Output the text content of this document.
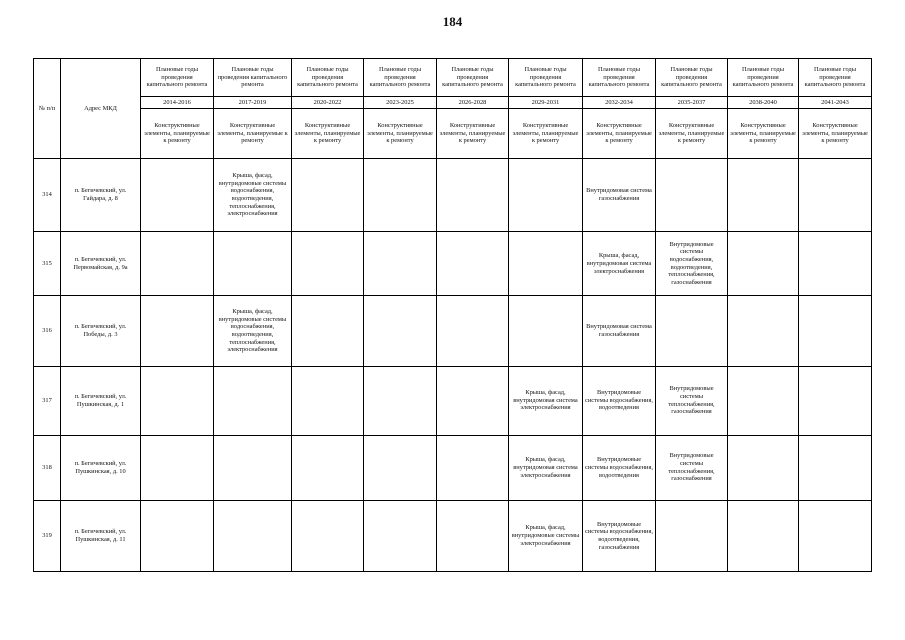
184
№ п/п	Адрес МКД	Плановые годы проведения капитального ремонта	Плановые годы проведения капитального ремонта	Плановые годы проведения капитального ремонта	Плановые годы проведения капитального ремонта	Плановые годы проведения капитального ремонта	Плановые годы проведения капитального ремонта	Плановые годы проведения капитального ремонта	Плановые годы проведения капитального ремонта	Плановые годы проведения капитального ремонта	Плановые годы проведения капитального ремонта
		2014-2016	2017-2019	2020-2022	2023-2025	2026-2028	2029-2031	2032-2034	2035-2037	2038-2040	2041-2043
		Конструктивные элементы, планируемые к ремонту	Конструктивные элементы, планируемые к ремонту	Конструктивные элементы, планируемые к ремонту	Конструктивные элементы, планируемые к ремонту	Конструктивные элементы, планируемые к ремонту	Конструктивные элементы, планируемые к ремонту	Конструктивные элементы, планируемые к ремонту	Конструктивные элементы, планируемые к ремонту	Конструктивные элементы, планируемые к ремонту	Конструктивные элементы, планируемые к ремонту
314	п. Бегичевский, ул. Гайдара, д. 8		Крыша, фасад, внутридомовые системы водоснабжения, водоотведения, теплоснабжения, электроснабжения					Внутридомовая система газоснабжения			
315	п. Бегичевский, ул. Первомайская, д. 9а							Крыша, фасад, внутридомовая система электроснабжения	Внутридомовые системы водоснабжения, водоотведения, теплоснабжения, газоснабжения		
316	п. Бегичевский, ул. Победы, д. 3		Крыша, фасад, внутридомовые системы водоснабжения, водоотведения, теплоснабжения, электроснабжения					Внутридомовая система газоснабжения			
317	п. Бегичевский, ул. Пушкинская, д. 1						Крыша, фасад, внутридомовая система электроснабжения	Внутридомовые системы водоснабжения, водоотведения	Внутридомовые системы теплоснабжения, газоснабжения		
318	п. Бегичевский, ул. Пушкинская, д. 10						Крыша, фасад, внутридомовая система электроснабжения	Внутридомовые системы водоснабжения, водоотведения	Внутридомовые системы теплоснабжения, газоснабжения		
319	п. Бегичевский, ул. Пушкинская, д. 11						Крыша, фасад, внутридомовые системы электроснабжения	Внутридомовые системы водоснабжения, водоотведения, газоснабжения			
